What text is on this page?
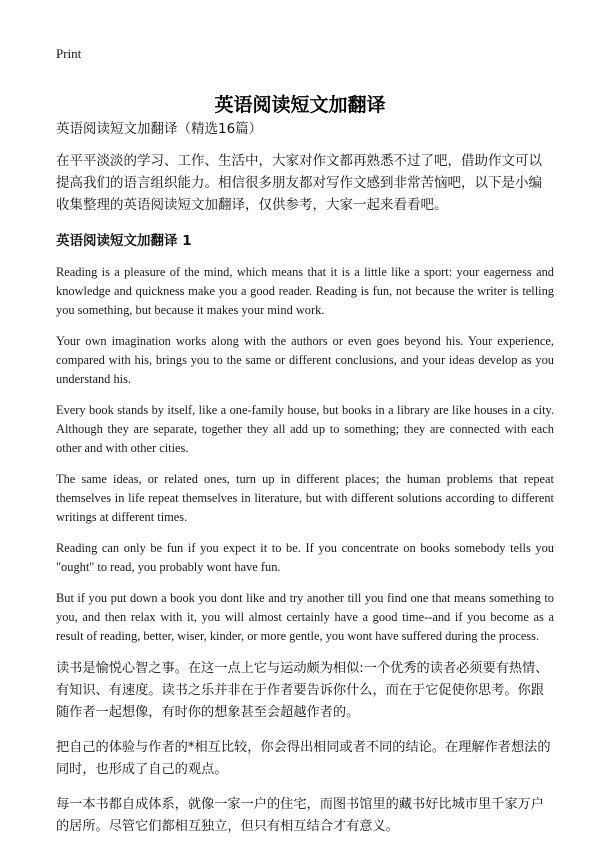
Print
英语阅读短文加翻译

英语阅读短文加翻译（精选16篇）

在平平淡淡的学习、工作、生活中，大家对作文都再熟悉不过了吧，借助作文可以提高我们的语言组织能力。相信很多朋友都对写作文感到非常苦恼吧，以下是小编收集整理的英语阅读短文加翻译，仅供参考，大家一起来看看吧。

英语阅读短文加翻译 1

Reading is a pleasure of the mind, which means that it is a little like a sport: your eagerness and knowledge and quickness make you a good reader. Reading is fun, not because the writer is telling you something, but because it makes your mind work.

Your own imagination works along with the authors or even goes beyond his. Your experience, compared with his, brings you to the same or different conclusions, and your ideas develop as you understand his.

Every book stands by itself, like a one-family house, but books in a library are like houses in a city. Although they are separate, together they all add up to something; they are connected with each other and with other cities.

The same ideas, or related ones, turn up in different places; the human problems that repeat themselves in life repeat themselves in literature, but with different solutions according to different writings at different times.

Reading can only be fun if you expect it to be. If you concentrate on books somebody tells you "ought" to read, you probably wont have fun.

But if you put down a book you dont like and try another till you find one that means something to you, and then relax with it, you will almost certainly have a good time--and if you become as a result of reading, better, wiser, kinder, or more gentle, you wont have suffered during the process.

读书是愉悦心智之事。在这一点上它与运动颇为相似:一个优秀的读者必须要有热情、有知识、有速度。读书之乐并非在于作者要告诉你什么，而在于它促使你思考。你跟随作者一起想像，有时你的想象甚至会超越作者的。

把自己的体验与作者的*相互比较，你会得出相同或者不同的结论。在理解作者想法的同时，也形成了自己的观点。

每一本书都自成体系，就像一家一户的住宅，而图书馆里的藏书好比城市里千家万户的居所。尽管它们都相互独立，但只有相互结合才有意义。
